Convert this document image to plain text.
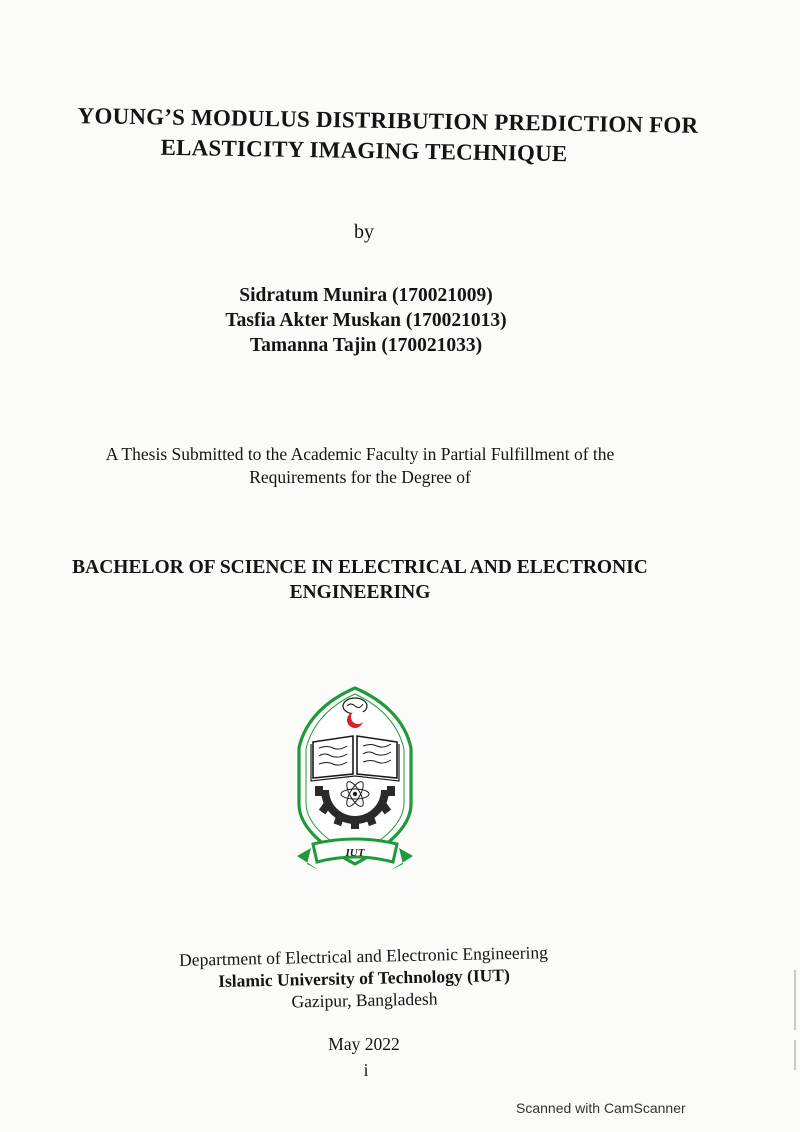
YOUNG’S MODULUS DISTRIBUTION PREDICTION FOR
ELASTICITY IMAGING TECHNIQUE
by
Sidratum Munira (170021009)
Tasfia Akter Muskan (170021013)
Tamanna Tajin (170021033)
A Thesis Submitted to the Academic Faculty in Partial Fulfillment of the
Requirements for the Degree of
BACHELOR OF SCIENCE IN ELECTRICAL AND ELECTRONIC
ENGINEERING
IUT
Department of Electrical and Electronic Engineering
Islamic University of Technology (IUT)
Gazipur, Bangladesh
May 2022
i
Scanned with CamScanner
